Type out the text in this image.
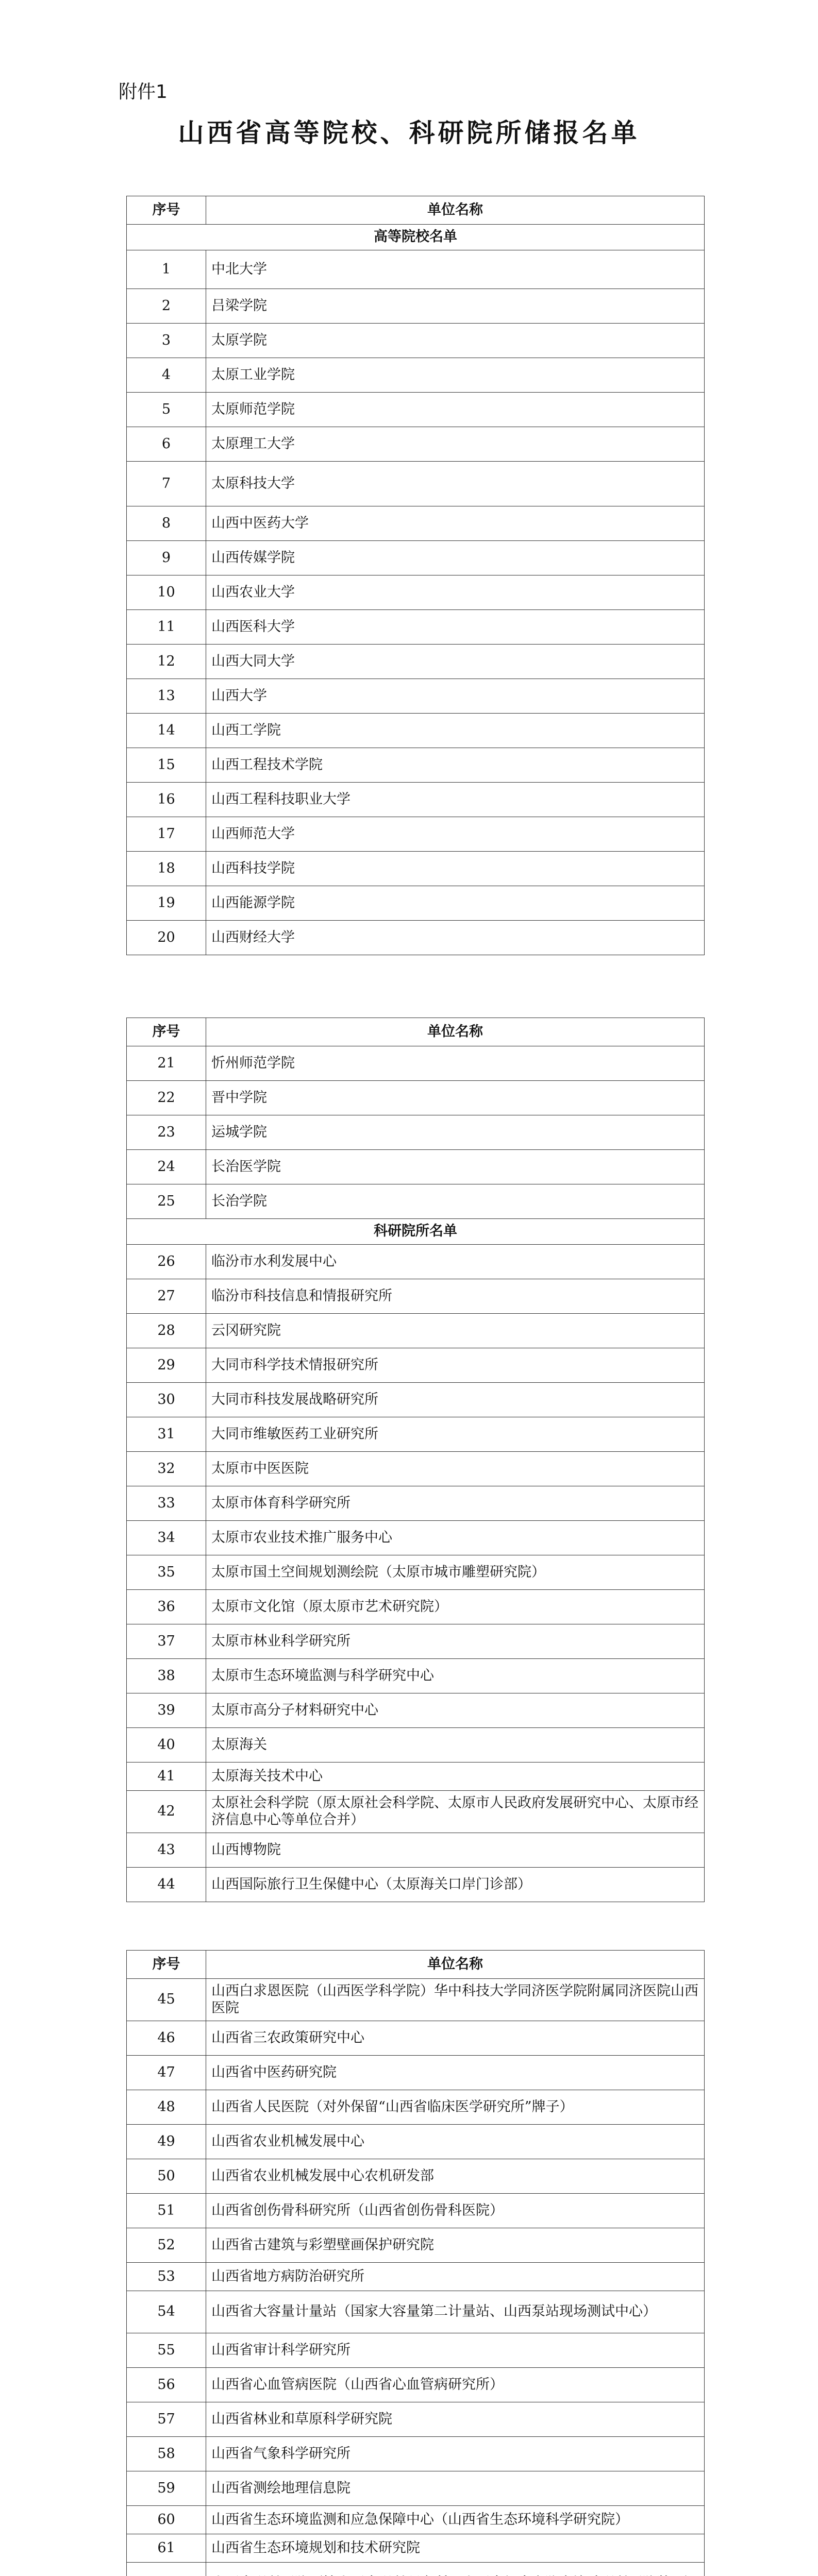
附件1
山西省高等院校、科研院所储报名单
序号	单位名称
高等院校名单	
1	中北大学
2	吕梁学院
3	太原学院
4	太原工业学院
5	太原师范学院
6	太原理工大学
7	太原科技大学
8	山西中医药大学
9	山西传媒学院
10	山西农业大学
11	山西医科大学
12	山西大同大学
13	山西大学
14	山西工学院
15	山西工程技术学院
16	山西工程科技职业大学
17	山西师范大学
18	山西科技学院
19	山西能源学院
20	山西财经大学
序号	单位名称
21	忻州师范学院
22	晋中学院
23	运城学院
24	长治医学院
25	长治学院
科研院所名单	
26	临汾市水利发展中心
27	临汾市科技信息和情报研究所
28	云冈研究院
29	大同市科学技术情报研究所
30	大同市科技发展战略研究所
31	大同市维敏医药工业研究所
32	太原市中医医院
33	太原市体育科学研究所
34	太原市农业技术推广服务中心
35	太原市国土空间规划测绘院（太原市城市雕塑研究院）
36	太原市文化馆（原太原市艺术研究院）
37	太原市林业科学研究所
38	太原市生态环境监测与科学研究中心
39	太原市高分子材料研究中心
40	太原海关
41	太原海关技术中心
42	太原社会科学院（原太原社会科学院、太原市人民政府发展研究中心、太原市经济信息中心等单位合并）
43	山西博物院
44	山西国际旅行卫生保健中心（太原海关口岸门诊部）
序号	单位名称
45	山西白求恩医院（山西医学科学院）华中科技大学同济医学院附属同济医院山西医院
46	山西省三农政策研究中心
47	山西省中医药研究院
48	山西省人民医院（对外保留“山西省临床医学研究所”牌子）
49	山西省农业机械发展中心
50	山西省农业机械发展中心农机研发部
51	山西省创伤骨科研究所（山西省创伤骨科医院）
52	山西省古建筑与彩塑壁画保护研究院
53	山西省地方病防治研究所
54	山西省大容量计量站（国家大容量第二计量站、山西泵站现场测试中心）
55	山西省审计科学研究所
56	山西省心血管病医院（山西省心血管病研究所）
57	山西省林业和草原科学研究院
58	山西省气象科学研究所
59	山西省测绘地理信息院
60	山西省生态环境监测和应急保障中心（山西省生态环境科学研究院）
61	山西省生态环境规划和技术研究院
